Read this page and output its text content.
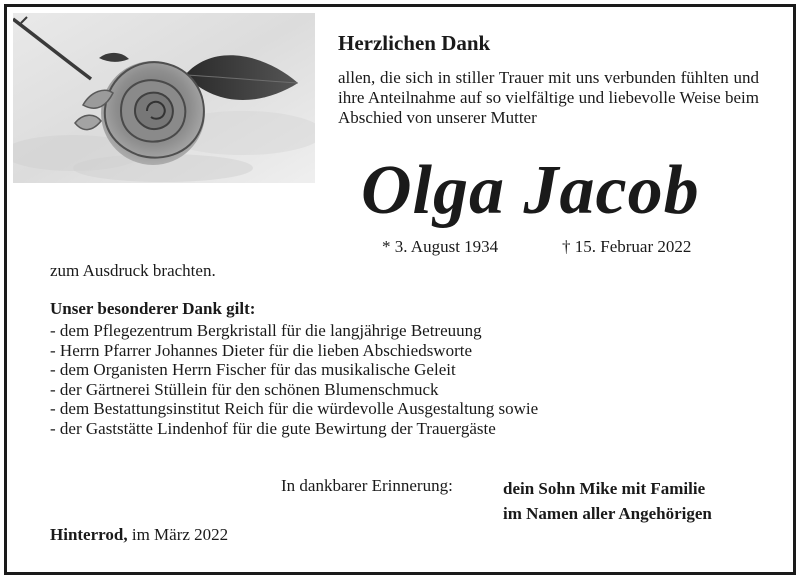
Herzlichen Dank
allen, die sich in stiller Trauer mit uns verbunden fühlten und ihre Anteilnahme auf so vielfältige und liebevolle Weise beim Abschied von unserer Mutter
Olga Jacob
* 3. August 1934	† 15. Februar 2022
zum Ausdruck brachten.
Unser besonderer Dank gilt:
- dem Pflegezentrum Bergkristall für die langjährige Betreuung
- Herrn Pfarrer Johannes Dieter für die lieben Abschiedsworte
- dem Organisten Herrn Fischer für das musikalische Geleit
- der Gärtnerei Stüllein für den schönen Blumenschmuck
- dem Bestattungsinstitut Reich für die würdevolle Ausgestaltung sowie
- der Gaststätte Lindenhof für die gute Bewirtung der Trauergäste
In dankbarer Erinnerung:	dein Sohn Mike mit Familie
im Namen aller Angehörigen
Hinterrod, im März 2022
